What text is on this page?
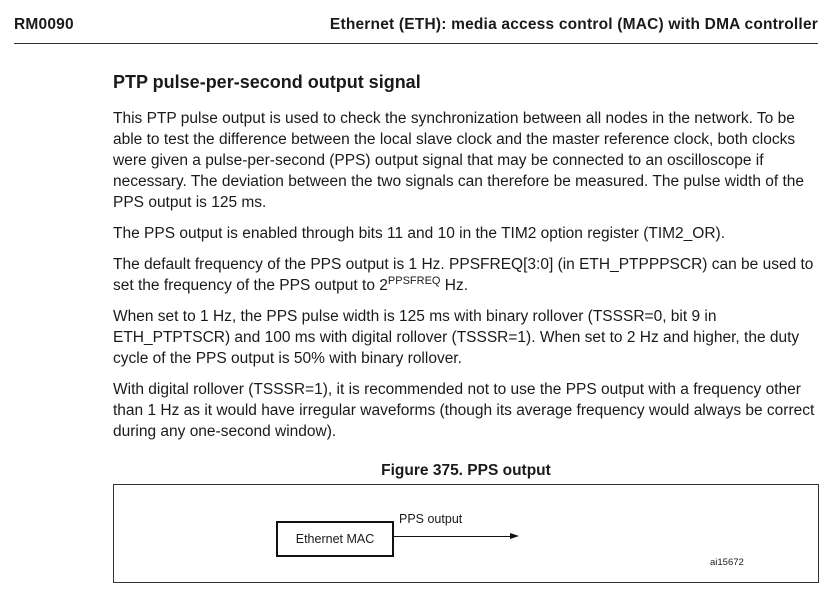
RM0090	Ethernet (ETH): media access control (MAC) with DMA controller
PTP pulse-per-second output signal

This PTP pulse output is used to check the synchronization between all nodes in the network. To be able to test the difference between the local slave clock and the master reference clock, both clocks were given a pulse-per-second (PPS) output signal that may be connected to an oscilloscope if necessary. The deviation between the two signals can therefore be measured. The pulse width of the PPS output is 125 ms.

The PPS output is enabled through bits 11 and 10 in the TIM2 option register (TIM2_OR).

The default frequency of the PPS output is 1 Hz. PPSFREQ[3:0] (in ETH_PTPPPSCR) can be used to set the frequency of the PPS output to $2^{PPSFREQ}$ Hz.

When set to 1 Hz, the PPS pulse width is 125 ms with binary rollover (TSSSR=0, bit 9 in ETH_PTPTSCR) and 100 ms with digital rollover (TSSSR=1). When set to 2 Hz and higher, the duty cycle of the PPS output is 50% with binary rollover.

With digital rollover (TSSSR=1), it is recommended not to use the PPS output with a frequency other than 1 Hz as it would have irregular waveforms (though its average frequency would always be correct during any one-second window).

Figure 375. PPS output
Ethernet MAC
PPS output
ai15672
